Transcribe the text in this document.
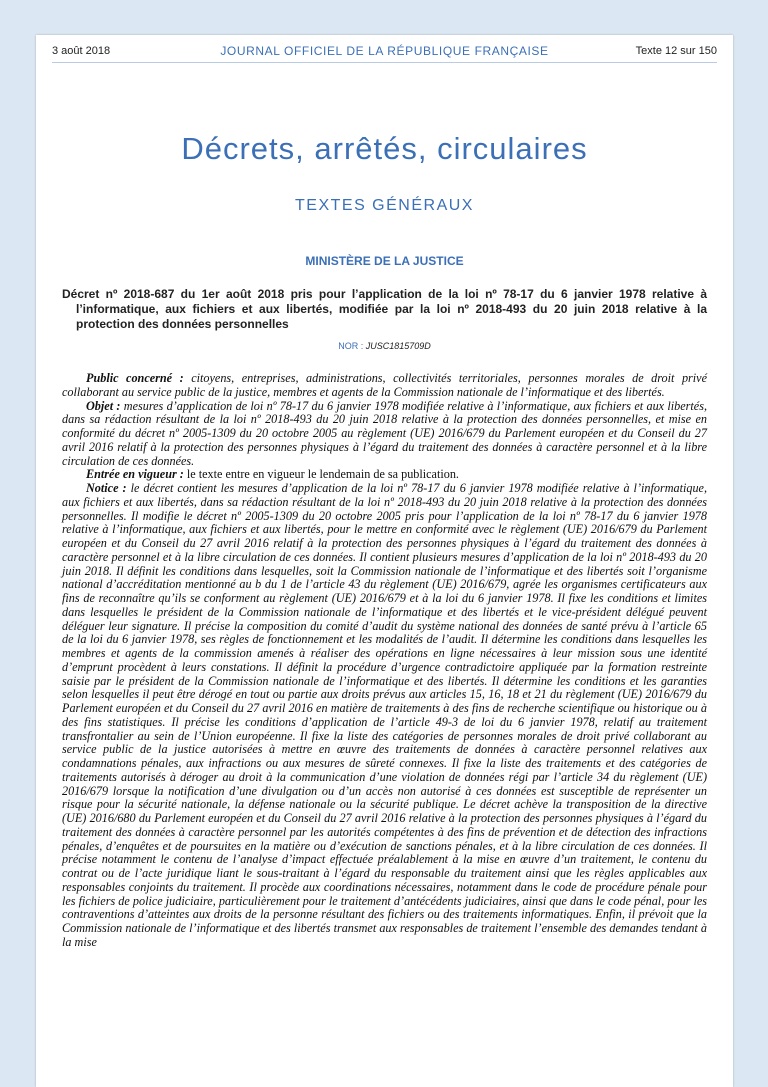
3 août 2018	JOURNAL OFFICIEL DE LA RÉPUBLIQUE FRANÇAISE	Texte 12 sur 150
Décrets, arrêtés, circulaires
TEXTES GÉNÉRAUX
MINISTÈRE DE LA JUSTICE
Décret nº 2018-687 du 1er août 2018 pris pour l’application de la loi nº 78-17 du 6 janvier 1978 relative à l’informatique, aux fichiers et aux libertés, modifiée par la loi nº 2018-493 du 20 juin 2018 relative à la protection des données personnelles
NOR : JUSC1815709D

Public concerné : citoyens, entreprises, administrations, collectivités territoriales, personnes morales de droit privé collaborant au service public de la justice, membres et agents de la Commission nationale de l’informatique et des libertés.

Objet : mesures d’application de loi nº 78-17 du 6 janvier 1978 modifiée relative à l’informatique, aux fichiers et aux libertés, dans sa rédaction résultant de la loi nº 2018-493 du 20 juin 2018 relative à la protection des données personnelles, et mise en conformité du décret nº 2005-1309 du 20 octobre 2005 au règlement (UE) 2016/679 du Parlement européen et du Conseil du 27 avril 2016 relatif à la protection des personnes physiques à l’égard du traitement des données à caractère personnel et à la libre circulation de ces données.

Entrée en vigueur : le texte entre en vigueur le lendemain de sa publication.

Notice : le décret contient les mesures d’application de la loi nº 78-17 du 6 janvier 1978 modifiée relative à l’informatique, aux fichiers et aux libertés, dans sa rédaction résultant de la loi nº 2018-493 du 20 juin 2018 relative à la protection des données personnelles. Il modifie le décret nº 2005-1309 du 20 octobre 2005 pris pour l’application de la loi nº 78-17 du 6 janvier 1978 relative à l’informatique, aux fichiers et aux libertés, pour le mettre en conformité avec le règlement (UE) 2016/679 du Parlement européen et du Conseil du 27 avril 2016 relatif à la protection des personnes physiques à l’égard du traitement des données à caractère personnel et à la libre circulation de ces données. Il contient plusieurs mesures d’application de la loi nº 2018-493 du 20 juin 2018. Il définit les conditions dans lesquelles, soit la Commission nationale de l’informatique et des libertés soit l’organisme national d’accréditation mentionné au b du 1 de l’article 43 du règlement (UE) 2016/679, agrée les organismes certificateurs aux fins de reconnaître qu’ils se conforment au règlement (UE) 2016/679 et à la loi du 6 janvier 1978. Il fixe les conditions et limites dans lesquelles le président de la Commission nationale de l’informatique et des libertés et le vice-président délégué peuvent déléguer leur signature. Il précise la composition du comité d’audit du système national des données de santé prévu à l’article 65 de la loi du 6 janvier 1978, ses règles de fonctionnement et les modalités de l’audit. Il détermine les conditions dans lesquelles les membres et agents de la commission amenés à réaliser des opérations en ligne nécessaires à leur mission sous une identité d’emprunt procèdent à leurs constations. Il définit la procédure d’urgence contradictoire appliquée par la formation restreinte saisie par le président de la Commission nationale de l’informatique et des libertés. Il détermine les conditions et les garanties selon lesquelles il peut être dérogé en tout ou partie aux droits prévus aux articles 15, 16, 18 et 21 du règlement (UE) 2016/679 du Parlement européen et du Conseil du 27 avril 2016 en matière de traitements à des fins de recherche scientifique ou historique ou à des fins statistiques. Il précise les conditions d’application de l’article 49-3 de loi du 6 janvier 1978, relatif au traitement transfrontalier au sein de l’Union européenne. Il fixe la liste des catégories de personnes morales de droit privé collaborant au service public de la justice autorisées à mettre en œuvre des traitements de données à caractère personnel relatives aux condamnations pénales, aux infractions ou aux mesures de sûreté connexes. Il fixe la liste des traitements et des catégories de traitements autorisés à déroger au droit à la communication d’une violation de données régi par l’article 34 du règlement (UE) 2016/679 lorsque la notification d’une divulgation ou d’un accès non autorisé à ces données est susceptible de représenter un risque pour la sécurité nationale, la défense nationale ou la sécurité publique. Le décret achève la transposition de la directive (UE) 2016/680 du Parlement européen et du Conseil du 27 avril 2016 relative à la protection des personnes physiques à l’égard du traitement des données à caractère personnel par les autorités compétentes à des fins de prévention et de détection des infractions pénales, d’enquêtes et de poursuites en la matière ou d’exécution de sanctions pénales, et à la libre circulation de ces données. Il précise notamment le contenu de l’analyse d’impact effectuée préalablement à la mise en œuvre d’un traitement, le contenu du contrat ou de l’acte juridique liant le sous-traitant à l’égard du responsable du traitement ainsi que les règles applicables aux responsables conjoints du traitement. Il procède aux coordinations nécessaires, notamment dans le code de procédure pénale pour les fichiers de police judiciaire, particulièrement pour le traitement d’antécédents judiciaires, ainsi que dans le code pénal, pour les contraventions d’atteintes aux droits de la personne résultant des fichiers ou des traitements informatiques. Enfin, il prévoit que la Commission nationale de l’informatique et des libertés transmet aux responsables de traitement l’ensemble des demandes tendant à la mise
